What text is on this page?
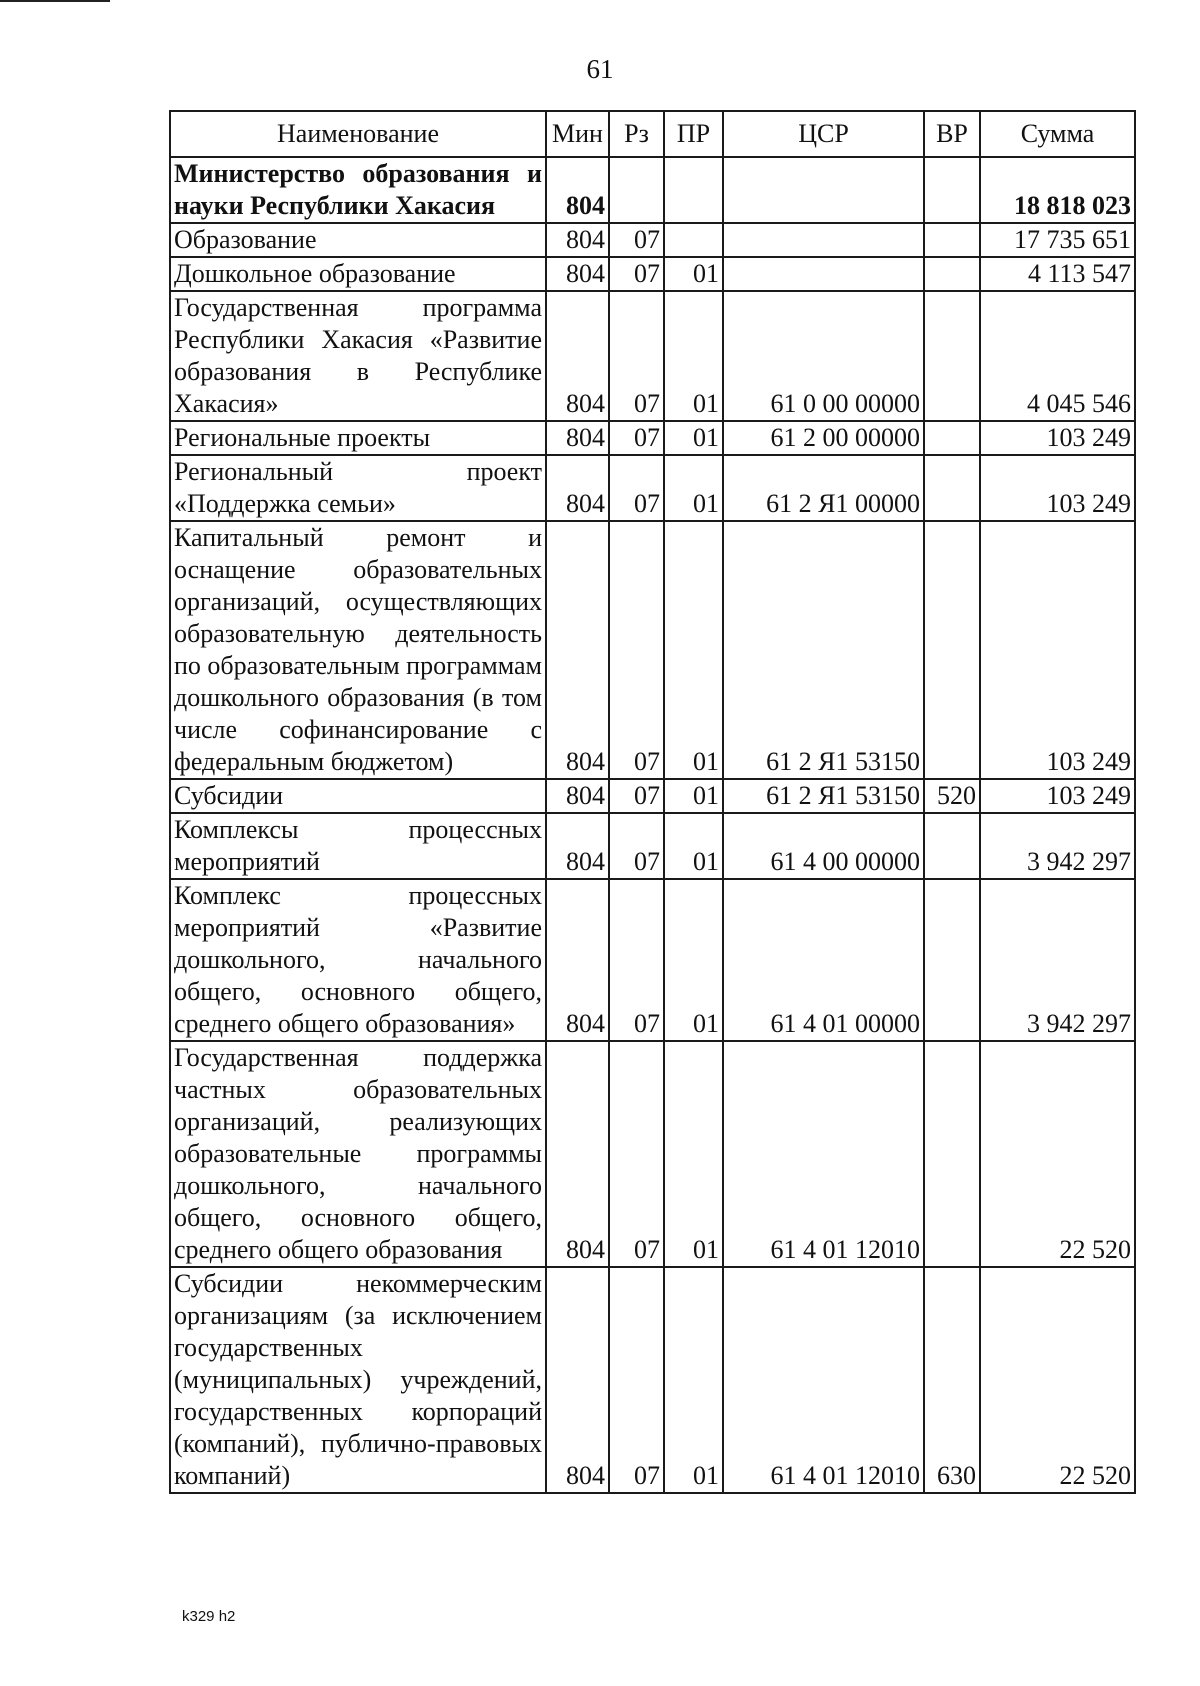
61
Наименование	Мин	Рз	ПР	ЦСР	ВР	Сумма
Министерство образования и науки Республики Хакасия	804					18 818 023
Образование	804	07				17 735 651
Дошкольное образование	804	07	01			4 113 547
Государственная программа Республики Хакасия «Развитие образования в Республике Хакасия»	804	07	01	61 0 00 00000		4 045 546
Региональные проекты	804	07	01	61 2 00 00000		103 249
Региональный проект «Поддержка семьи»	804	07	01	61 2 Я1 00000		103 249
Капитальный ремонт и оснащение образовательных организаций, осуществляющих образовательную деятельность по образовательным программам дошкольного образования (в том числе софинансирование с федеральным бюджетом)	804	07	01	61 2 Я1 53150		103 249
Субсидии	804	07	01	61 2 Я1 53150	520	103 249
Комплексы процессных мероприятий	804	07	01	61 4 00 00000		3 942 297
Комплекс процессных мероприятий «Развитие дошкольного, начального общего, основного общего, среднего общего образования»	804	07	01	61 4 01 00000		3 942 297
Государственная поддержка частных образовательных организаций, реализующих образовательные программы дошкольного, начального общего, основного общего, среднего общего образования	804	07	01	61 4 01 12010		22 520
Субсидии некоммерческим организациям (за исключением государственных (муниципальных) учреждений, государственных корпораций (компаний), публично-правовых компаний)	804	07	01	61 4 01 12010	630	22 520
k329 h2
